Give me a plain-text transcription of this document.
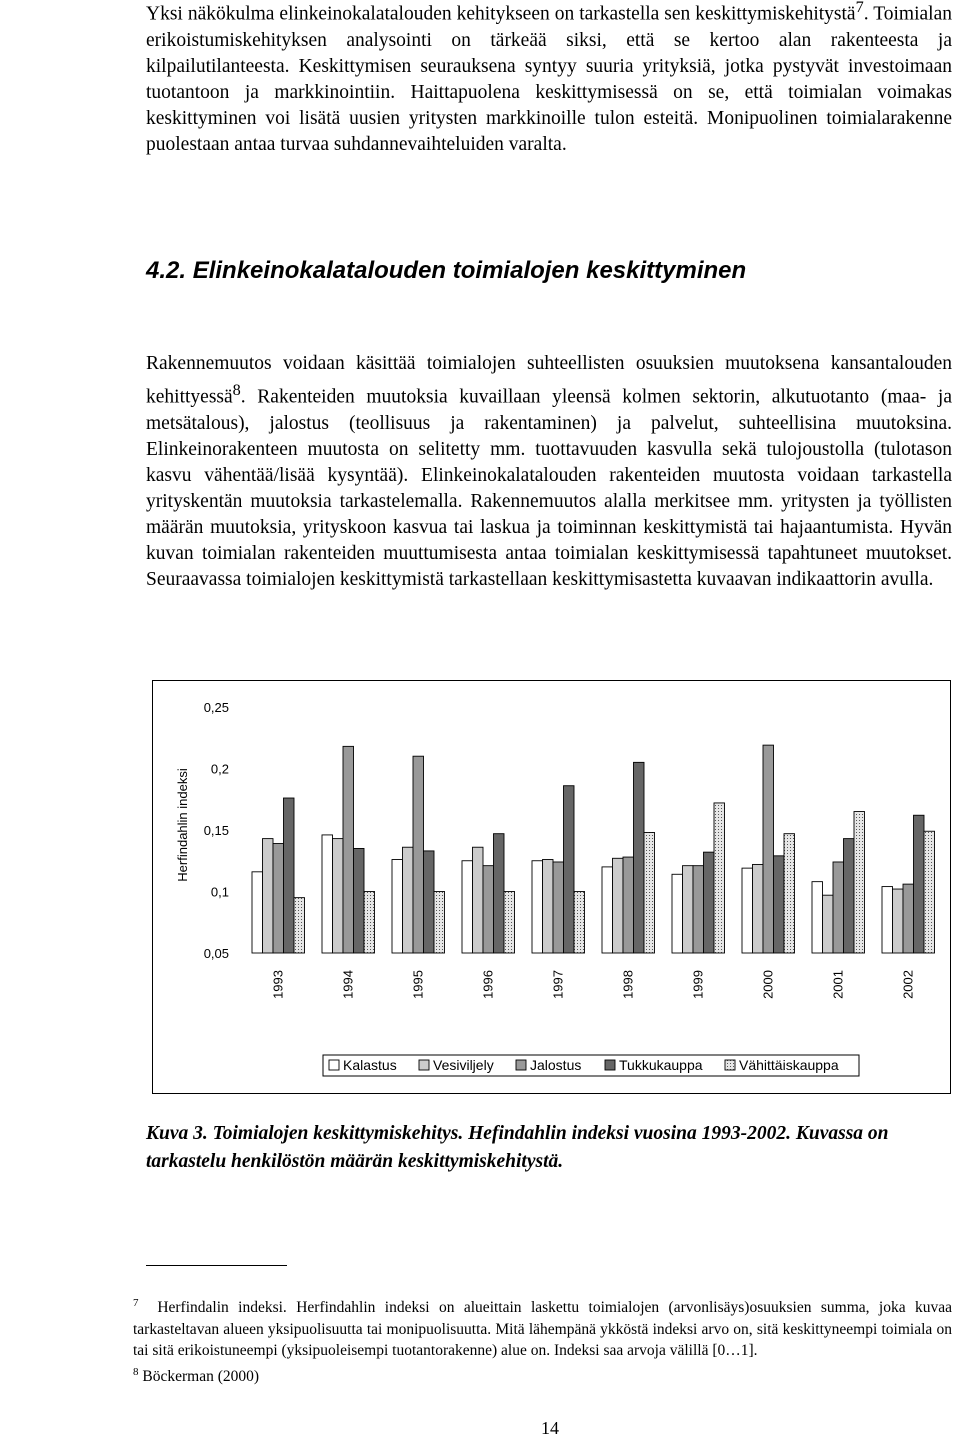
Yksi näkökulma elinkeinokalatalouden kehitykseen on tarkastella sen keskittymiskehitystä$^7$. Toimialan erikoistumiskehityksen analysointi on tärkeää siksi, että se kertoo alan rakenteesta ja kilpailutilanteesta. Keskittymisen seurauksena syntyy suuria yrityksiä, jotka pystyvät investoimaan tuotantoon ja markkinointiin. Haittapuolena keskittymisessä on se, että toimialan voimakas keskittyminen voi lisätä uusien yritysten markkinoille tulon esteitä. Monipuolinen toimialarakenne puolestaan antaa turvaa suhdannevaihteluiden varalta.

4.2. Elinkeinokalatalouden toimialojen keskittyminen

Rakennemuutos voidaan käsittää toimialojen suhteellisten osuuksien muutoksena kansantalouden kehittyessä$^8$. Rakenteiden muutoksia kuvaillaan yleensä kolmen sektorin, alkutuotanto (maa- ja metsätalous), jalostus (teollisuus ja rakentaminen) ja palvelut, suhteellisina muutoksina. Elinkeinorakenteen muutosta on selitetty mm. tuottavuuden kasvulla sekä tulojoustolla (tulotason kasvu vähentää/lisää kysyntää). Elinkeinokalatalouden rakenteiden muutosta voidaan tarkastella yrityskentän muutoksia tarkastelemalla. Rakennemuutos alalla merkitsee mm. yritysten ja työllisten määrän muutoksia, yrityskoon kasvua tai laskua ja toiminnan keskittymistä tai hajaantumista. Hyvän kuvan toimialan rakenteiden muuttumisesta antaa toimialan keskittymisessä tapahtuneet muutokset. Seuraavassa toimialojen keskittymistä tarkastellaan keskittymisastetta kuvaavan indikaattorin avulla.

0,25
0,2
0,15
0,1
0,05
Herfindahlin indeksi
1993	1994	1995	1996	1997	1998	1999	2000	2001	2002
Kalastus	Vesiviljely	Jalostus	Tukkukauppa	Vähittäiskauppa

Kuva 3. Toimialojen keskittymiskehitys. Hefindahlin indeksi vuosina 1993-2002. Kuvassa on tarkastelu henkilöstön määrän keskittymiskehitystä.

$^7$ Herfindalin indeksi. Herfindahlin indeksi on alueittain laskettu toimialojen (arvonlisäys)osuuksien summa, joka kuvaa tarkasteltavan alueen yksipuolisuutta tai monipuolisuutta. Mitä lähempänä ykköstä indeksi arvo on, sitä keskittyneempi toimiala on tai sitä erikoistuneempi (yksipuoleisempi tuotantorakenne) alue on. Indeksi saa arvoja välillä [0…1].

$^8$ Böckerman (2000)

14
